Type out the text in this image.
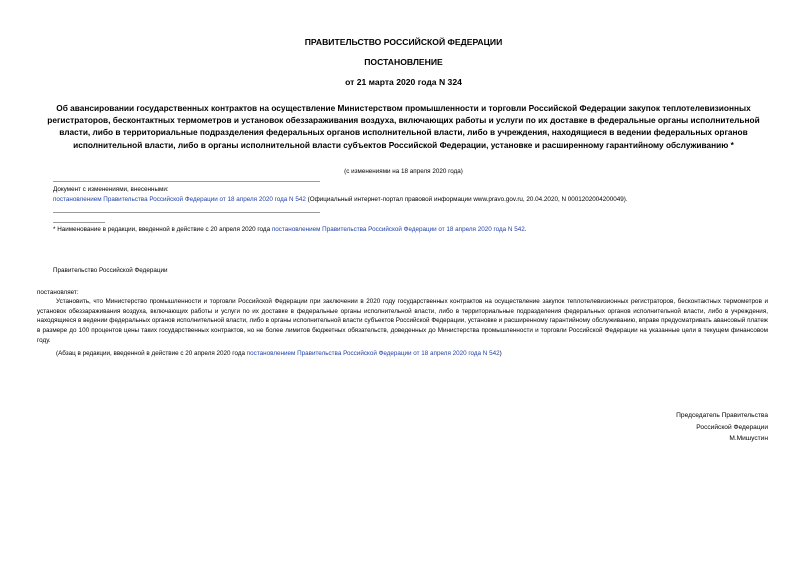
ПРАВИТЕЛЬСТВО РОССИЙСКОЙ ФЕДЕРАЦИИ
ПОСТАНОВЛЕНИЕ
от 21 марта 2020 года N 324
Об авансировании государственных контрактов на осуществление Министерством промышленности и торговли Российской Федерации закупок теплотелевизионных регистраторов, бесконтактных термометров и установок обеззараживания воздуха, включающих работы и услуги по их доставке в федеральные органы исполнительной власти, либо в территориальные подразделения федеральных органов исполнительной власти, либо в учреждения, находящиеся в ведении федеральных органов исполнительной власти, либо в органы исполнительной власти субъектов Российской Федерации, установке и расширенному гарантийному обслуживанию *
(с изменениями на 18 апреля 2020 года)
Документ с изменениями, внесенными:
постановлением Правительства Российской Федерации от 18 апреля 2020 года N 542 (Официальный интернет-портал правовой информации www.pravo.gov.ru, 20.04.2020, N 0001202004200049).
* Наименование в редакции, введенной в действие с 20 апреля 2020 года постановлением Правительства Российской Федерации от 18 апреля 2020 года N 542.
Правительство Российской Федерации
постановляет:
Установить, что Министерство промышленности и торговли Российской Федерации при заключении в 2020 году государственных контрактов на осуществление закупок теплотелевизионных регистраторов, бесконтактных термометров и установок обеззараживания воздуха, включающих работы и услуги по их доставке в федеральные органы исполнительной власти, либо в территориальные подразделения федеральных органов исполнительной власти, либо в учреждения, находящиеся в ведении федеральных органов исполнительной власти, либо в органы исполнительной власти субъектов Российской Федерации, установке и расширенному гарантийному обслуживанию, вправе предусматривать авансовый платеж в размере до 100 процентов цены таких государственных контрактов, но не более лимитов бюджетных обязательств, доведенных до Министерства промышленности и торговли Российской Федерации на указанные цели в текущем финансовом году.
(Абзац в редакции, введенной в действие с 20 апреля 2020 года постановлением Правительства Российской Федерации от 18 апреля 2020 года N 542)
Председатель Правительства
Российской Федерации
М.Мишустин
